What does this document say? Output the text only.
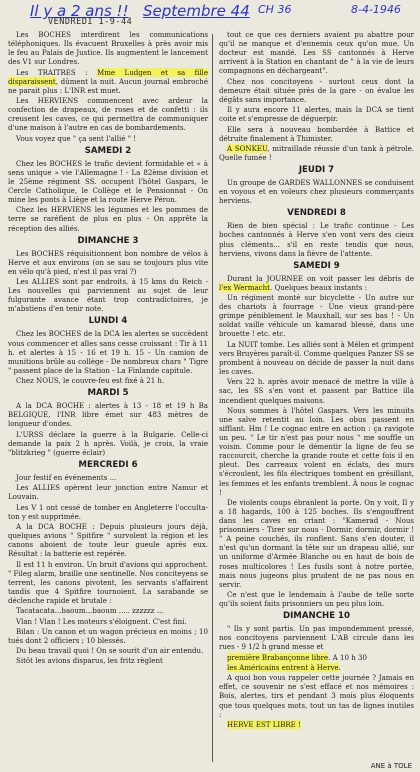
Il y a 2 ans !! Septembre 44 CH 36	8-4-1946
VENDREDI 1-9-44

Les BOCHES interdirent les communications téléphoniques. Ils évacuent Bruxelles à près avoir mis le feu au Palais de Justice. Ils augmentent le lancement des V1 sur Londres.

Les TRAITRES : Mme Ludgen et sa fille disparaissent, dûment la nuit. Aucun journal embroché ne parait plus : L'INR est muet.

Les HERVIENS commencent avec ardeur la confection de drapeaux, de roses et de confetti : ils creusent les caves, ce qui permettra de communiquer d'une maison à l'autre en cas de bombardements.

Vous voyez que " ça sent l'allié " !

SAMEDI 2

Chez les BOCHES le trafic devient formidable et « à sens unique » vie l'Allemagne ! - La 82ème division et le 25ème régiment SS. occupent l'hôtel Gaspars, le Cercle Catholique, le Collège et le Pensionnat - On mine les ponts à Liège et la route Herve Péron.

Chez les HERVIENS les légumes et les pommes de terre se raréfient de plus en plus - On apprête la réception des alliés.

DIMANCHE 3

Les BOCHES réquisitionnent bon nombre de vélos à Herve et aux environs (on se sau se toujours plus vite en vélo qu'à pied, n'est il pas vrai ?)

Les ALLIES sont par endroits, à 15 kms du Reich - Les nouvelles qui parviennent au sujet de leur fulgurante avance étant trop contradictoires, je m'abstiens d'en tenir note.

LUNDI 4

Chez les BOCHES de la DCA les alertes se succèdent vous commencer et alles sans cesse croissant : Tir à 11 h. et alertes à 15 - 16 et 19 h. 15 - Un camion de munitions brûle au collège - De nombreux chars " Tigre " passent place de la Station - La Finlande capitule.

Chez NOUS, le couvre-feu est fixé à 21 h.

MARDI 5

A la DCA BOCHE : alertes à 13 - 18 et 19 h Ba BELGIQUE, l'INR libre émet sur 483 mètres de longueur d'ondes.

L'URSS déclare la guerre à la Bulgarie. Celle-ci demande la paix 2 h après. Voilà, je crois, la vraie "blitzkrieg " (guerre éclair)

MERCREDI 6

Jour festif en événements ...

Les ALLIES opèrent leur jonction entre Namur et Louvain.

Les V 1 ont cessé de tomber en Angleterre l'occulta-ton y est supprimée.

A la DCA BOCHE : Depuis plusieurs jours déjà, quelques avions " Spitfire " survolent la région et les canons aboient de toute leur gueule après eux. Résultat : la batterie est repérée.

Il est 11 h environ. Un bruit d'avions qui approchent. " Fileg alarm, braille une sentinelle. Nos conciteyens se terrent, les canons pivotent, les servants s'affairent tandis que 4 Spitfire tournoient. La sarabande se déclenche rapide et brutale :

Tacatacata...baoum...baoum ..... zzzzzz ...

Vlan ! Vlan ! Les moteurs s'éloignent. C'est fini.

Bilan : Un canon et un wagon précieux en moins ; 10 tués dont 2 officiers ; 10 blessés.

Du beau travail quoi ! On se sourit d'un air entendu.

Sitôt les avions disparus, les fritz règlent

tout ce que ces derniers avaient pu abattre pour qu'il ne manque et d'ennemis ceux qu'on mue. Un docteur est mandé. Les SS cantonnés à Herve arrivent à la Station en chantant de " à la vie de leurs compagnons en déchargeant".

Chez nos concitoyens - surtout ceux dont la demeure était située près de la gare - on évalue les dégâts sans importance.

Il y aura encore 11 alertes, mais la DCA se tient coite et s'empresse de déguerpir.

Elle sera à nouveau bombardée à Battice et détruite finalement à Thimister.

A SONKEU, mitraillade réussie d'un tank à pétrole. Quelle fumée !

JEUDI 7

Un groupe de GARDES WALLONNES se conduisent en voyous et en voleurs chez plusieurs commerçants herviens.

VENDREDI 8

Rien de bien spécial : Le trafic continue - Les boches cantonnés à Herve s'en vont vers des cieux plus cléments... s'il en reste tendis que nous, herviens, vivons dans la fièvre de l'attente.

SAMEDI 9

Durant la JOURNEE on voit passer les débris de l'ex Wermacht. Quelques beaux instants :

Un régiment monté sur bicyclette - Un autre sur des chariots à fourrage - Une vieux grand-père grimpe péniblement le Mauxhall, sur ses bas ! - Un soldat vaille véhicule un kamarad blessé, dans une brouette ! etc. etc.

La NUIT tombe. Les alliés sont à Mélen et grimpent vers Bruyères paraît-il. Comme quelques Panzer SS se prombent à nouveau on décide de passer la nuit dans les caves.

Vers 22 h. après avoir menacé de mettre la ville à sac, les SS s'en vont et passent par Battice illa incendient quelques maisons.

Nous sommes à l'hôtel Gaspars. Vers les minuits une salve retentit au loin. Les obus passent en sifflant. Hm ! Le cognac entre en action : ça ravigote un peu. " Le tir n'est pas pour nous " me souffle un voisin. Comme pour le démentir la ligne de feu se raccourcit, cherche la grande route et cette fois il en pleut. Des carreaux volent en éclats, des murs s'écroulent, les fils électriques tombent en grésillant, les femmes et les enfants tremblent. À nous le cognac !

De violents coups ébranlent la porte. On y voit, Il y a 18 hagards, 100 à 125 boches. Ils s'engouffrent dans les caves en criant : "Kamerad - Nous prisonniers - Tirer sur nous - Dormir, dormir, dormir ! " A peine couchés, ils ronflent. Sans s'en douter, il n'est qu'un dormant la tête sur un drapeau allié, sur un uniforme d'Armée Blanche ou en haut de bois de roses multicolores ! Les fusils sont à notre portée, mais nous jugeons plus prudent de ne pas nous en servir.

Ce n'est que le lendemain à l'aube de telle sorte qu'ils soient faits prisonniers un peu plus loin.

DIMANCHE 10

" Ils y sont partis. Un pas impondemment pressé, nos concitoyens parviennent L'AB circule dans les rues - 9 1/2 h grand messe et

première Brabançonne libre. A 10 h 30

les Américains entrent à Herve.

A quoi bon vous rappeler cette journée ? Jamais en effet, ce souvenir ne s'est effacé et nos mémoires : Bois, alertes, tirs et pendant 3 mois plus éloquents que tous quelques mots, tout un tas de lignes inutiles :

HERVE EST LIBRE !

ANE à TOLE
